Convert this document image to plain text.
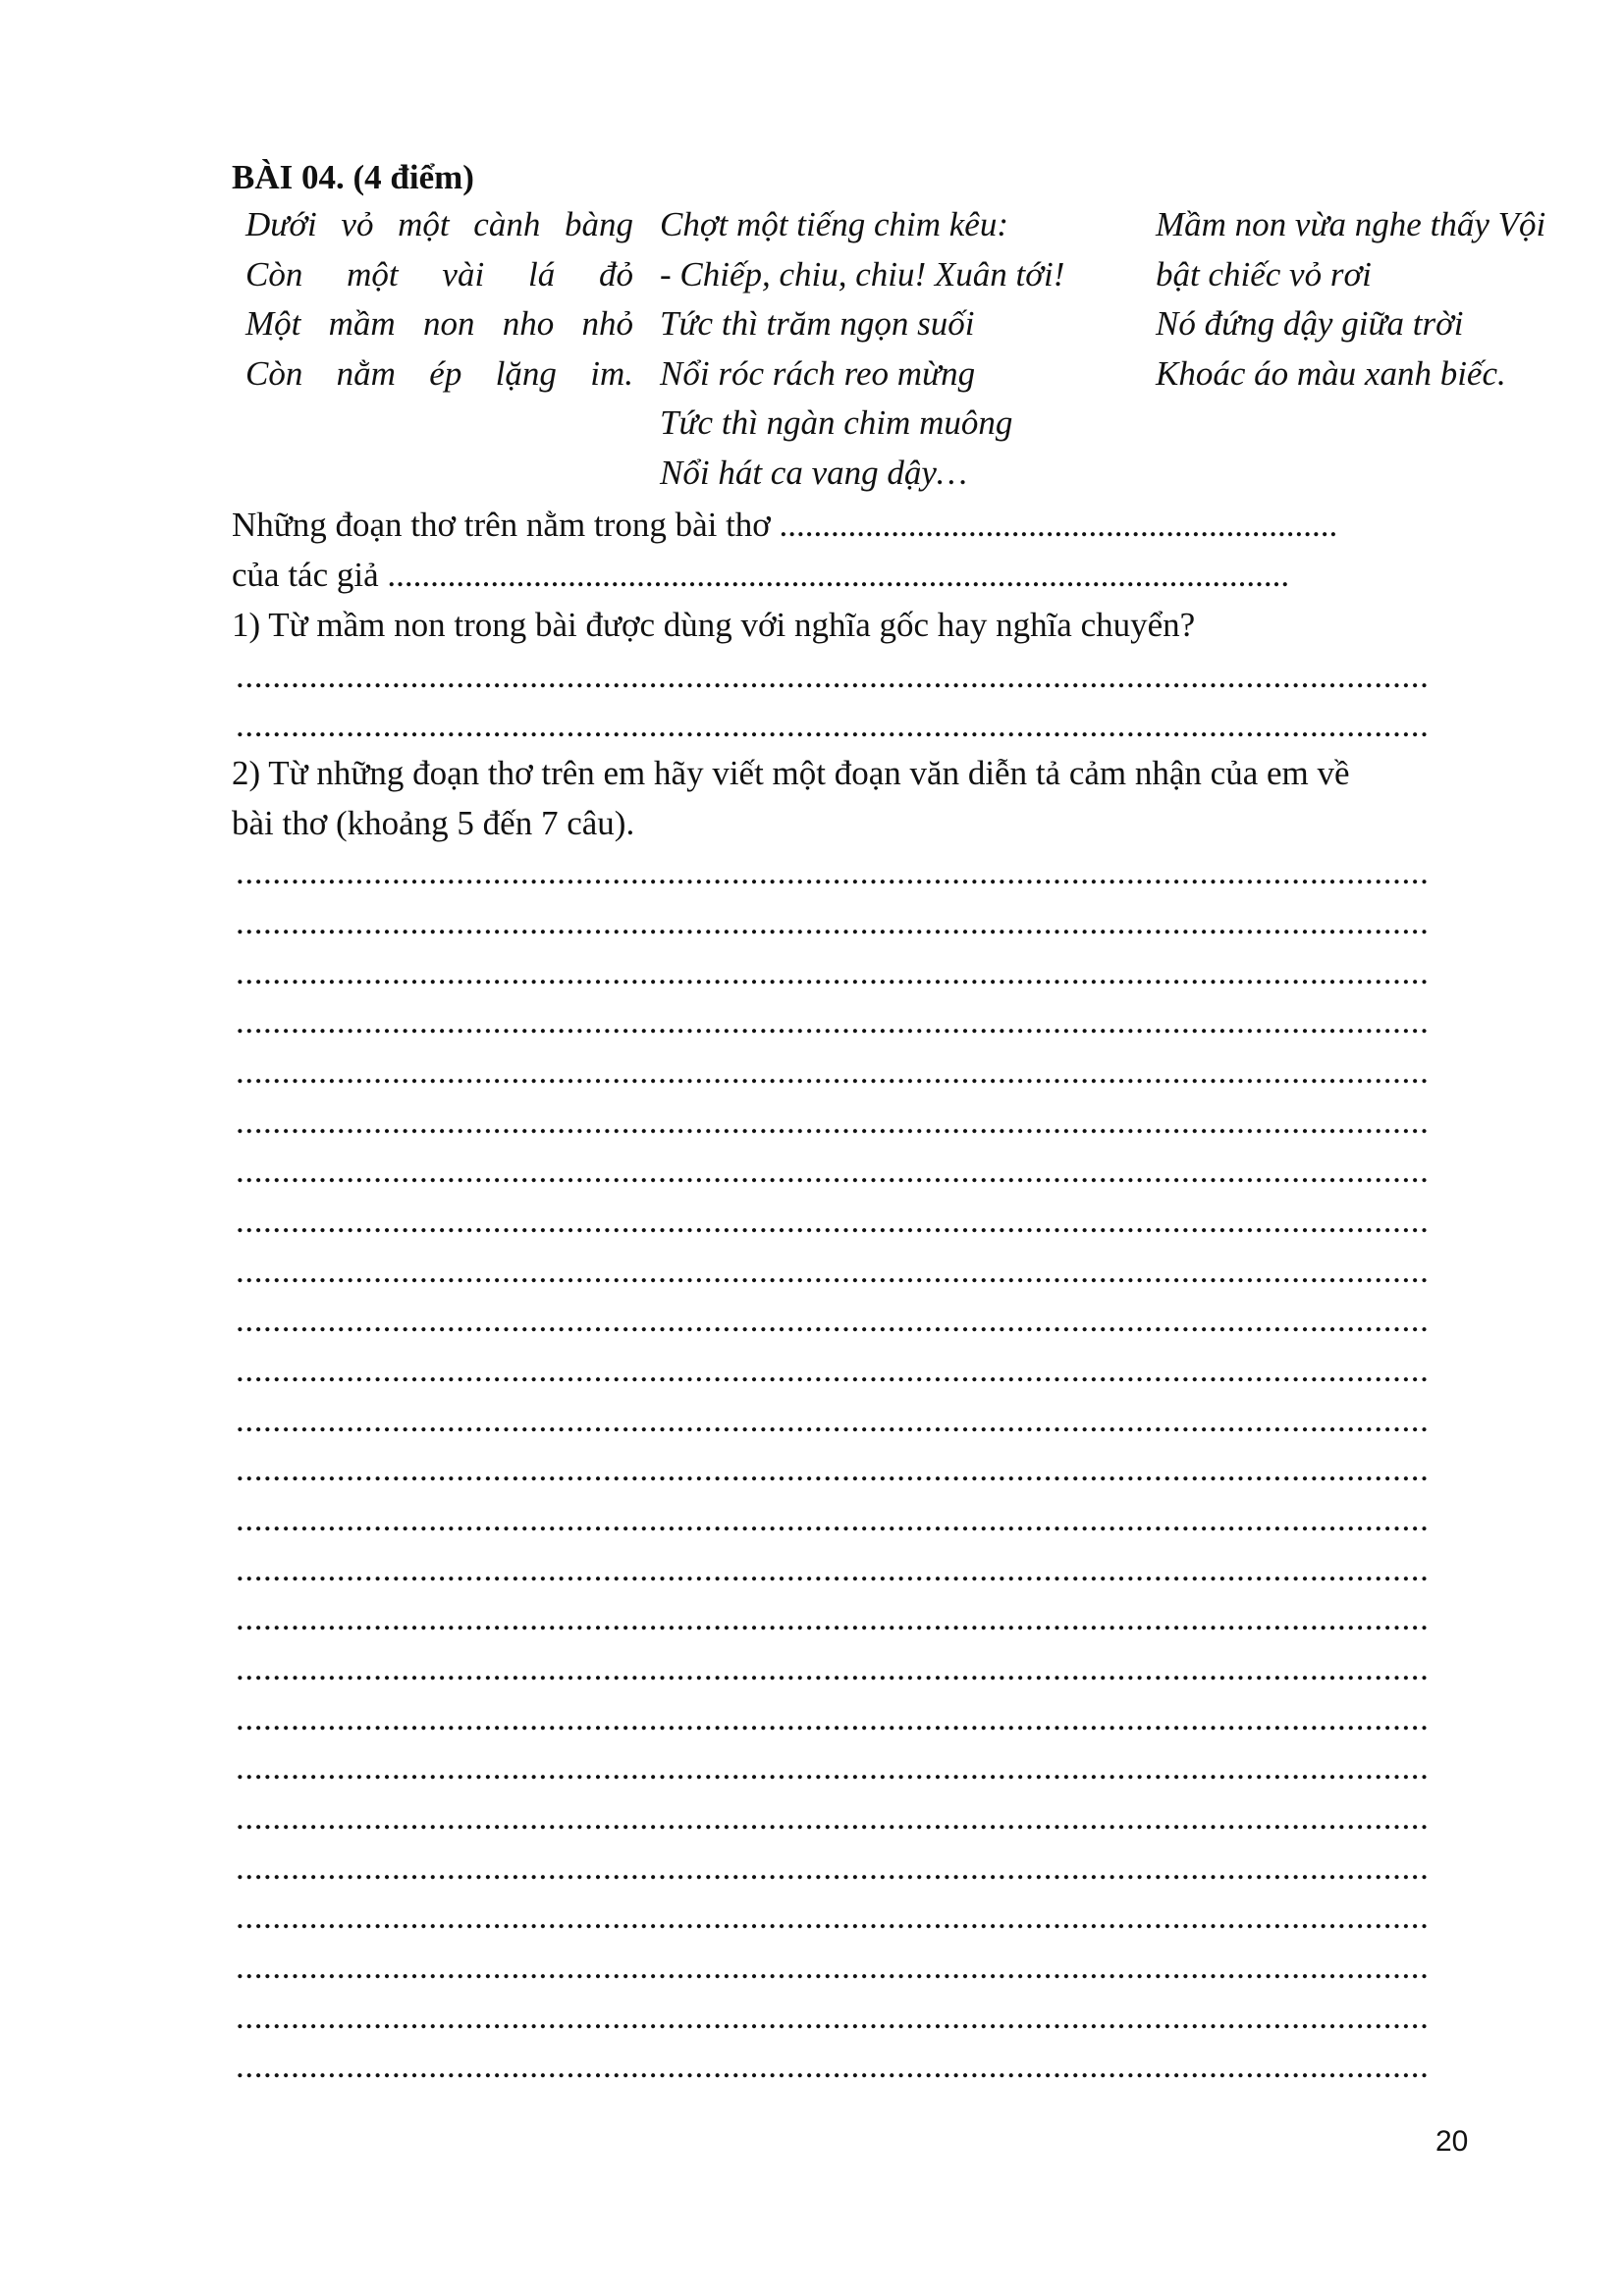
BÀI 04. (4 điểm)
Dưới vỏ một cành bàng
Còn một vài lá đỏ
Một mầm non nho nhỏ
Còn nằm ép lặng im.
Chợt một tiếng chim kêu:
- Chiếp, chiu, chiu! Xuân tới!
Tức thì trăm ngọn suối
Nổi róc rách reo mừng
Tức thì ngàn chim muông
Nổi hát ca vang dậy…
Mầm non vừa nghe thấy Vội
bật chiếc vỏ rơi
Nó đứng dậy giữa trời
Khoác áo màu xanh biếc.
Những đoạn thơ trên nằm trong bài thơ .................................................................
của tác giả .........................................................................................................
1) Từ mầm non trong bài được dùng với nghĩa gốc hay nghĩa chuyển?
..................................................................................................................................
..................................................................................................................................
2) Từ những đoạn thơ trên em hãy viết một đoạn văn diễn tả cảm nhận của em về
bài thơ (khoảng 5 đến 7 câu).
..................................................................................................................................
..................................................................................................................................
..................................................................................................................................
..................................................................................................................................
..................................................................................................................................
..................................................................................................................................
..................................................................................................................................
..................................................................................................................................
..................................................................................................................................
..................................................................................................................................
..................................................................................................................................
..................................................................................................................................
..................................................................................................................................
..................................................................................................................................
..................................................................................................................................
..................................................................................................................................
..................................................................................................................................
..................................................................................................................................
..................................................................................................................................
..................................................................................................................................
..................................................................................................................................
..................................................................................................................................
..................................................................................................................................
..................................................................................................................................
..................................................................................................................................
20
